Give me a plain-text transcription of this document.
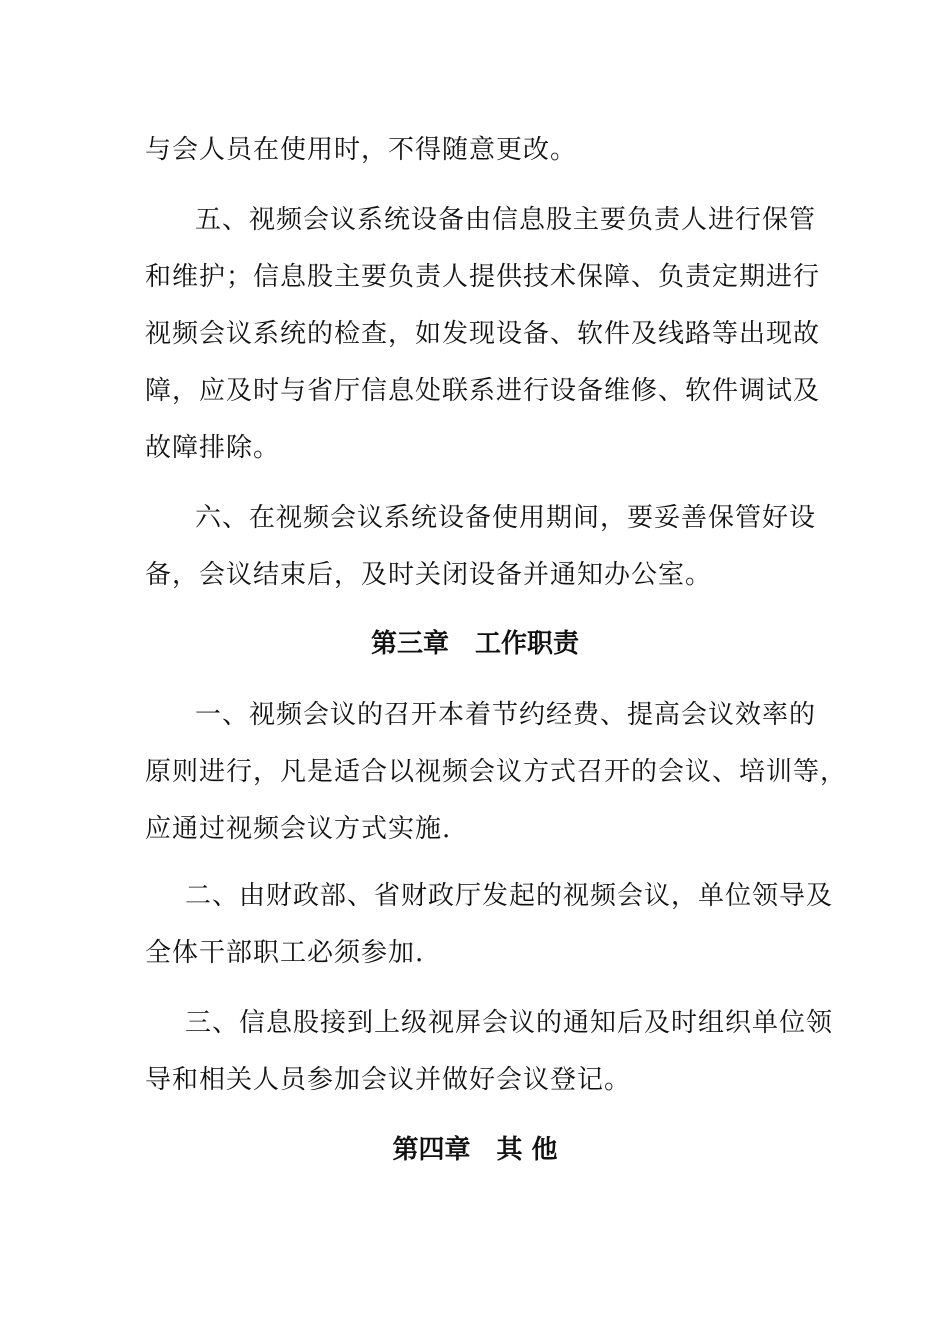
与会人员在使用时，不得随意更改。
五、视频会议系统设备由信息股主要负责人进行保管
和维护；信息股主要负责人提供技术保障、负责定期进行
视频会议系统的检查，如发现设备、软件及线路等出现故
障，应及时与省厅信息处联系进行设备维修、软件调试及
故障排除。
六、在视频会议系统设备使用期间，要妥善保管好设
备，会议结束后，及时关闭设备并通知办公室。
第三章　工作职责
一、视频会议的召开本着节约经费、提高会议效率的
原则进行，凡是适合以视频会议方式召开的会议、培训等，
应通过视频会议方式实施.
二、由财政部、省财政厅发起的视频会议，单位领导及
全体干部职工必须参加.
三、信息股接到上级视屏会议的通知后及时组织单位领
导和相关人员参加会议并做好会议登记。
第四章　其 他
